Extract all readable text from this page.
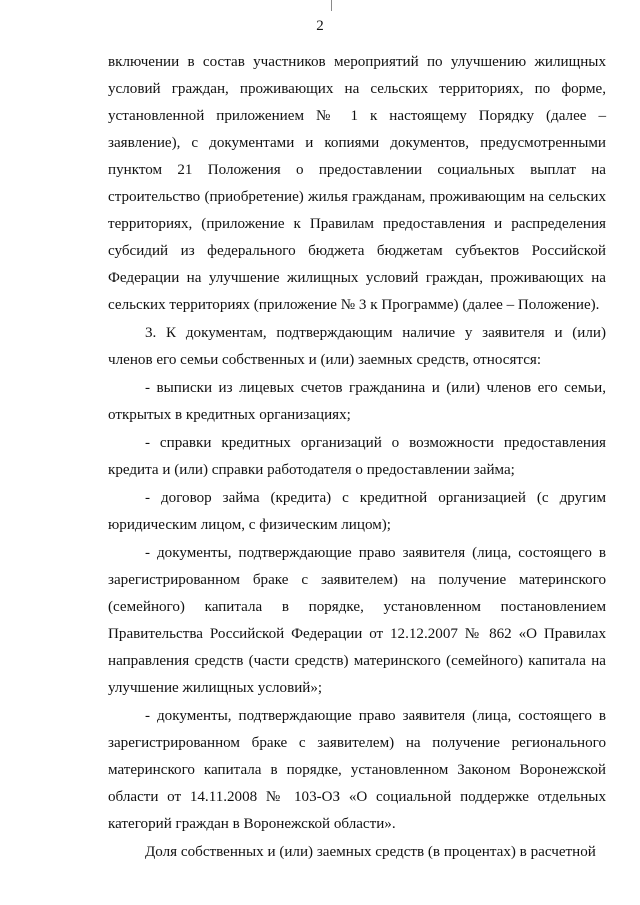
2

включении в состав участников мероприятий по улучшению жилищных условий граждан, проживающих на сельских территориях, по форме, установленной приложением № 1 к настоящему Порядку (далее – заявление), с документами и копиями документов, предусмотренными пунктом 21 Положения о предоставлении социальных выплат на строительство (приобретение) жилья гражданам, проживающим на сельских территориях, (приложение к Правилам предоставления и распределения субсидий из федерального бюджета бюджетам субъектов Российской Федерации на улучшение жилищных условий граждан, проживающих на сельских территориях (приложение № 3 к Программе) (далее – Положение).

3. К документам, подтверждающим наличие у заявителя и (или) членов его семьи собственных и (или) заемных средств, относятся:

- выписки из лицевых счетов гражданина и (или) членов его семьи, открытых в кредитных организациях;

- справки кредитных организаций о возможности предоставления кредита и (или) справки работодателя о предоставлении займа;

- договор займа (кредита) с кредитной организацией (с другим юридическим лицом, с физическим лицом);

- документы, подтверждающие право заявителя (лица, состоящего в зарегистрированном браке с заявителем) на получение материнского (семейного) капитала в порядке, установленном постановлением Правительства Российской Федерации от 12.12.2007 № 862 «О Правилах направления средств (части средств) материнского (семейного) капитала на улучшение жилищных условий»;

- документы, подтверждающие право заявителя (лица, состоящего в зарегистрированном браке с заявителем) на получение регионального материнского капитала в порядке, установленном Законом Воронежской области от 14.11.2008 № 103-ОЗ «О социальной поддержке отдельных категорий граждан в Воронежской области».

Доля собственных и (или) заемных средств (в процентах) в расчетной
